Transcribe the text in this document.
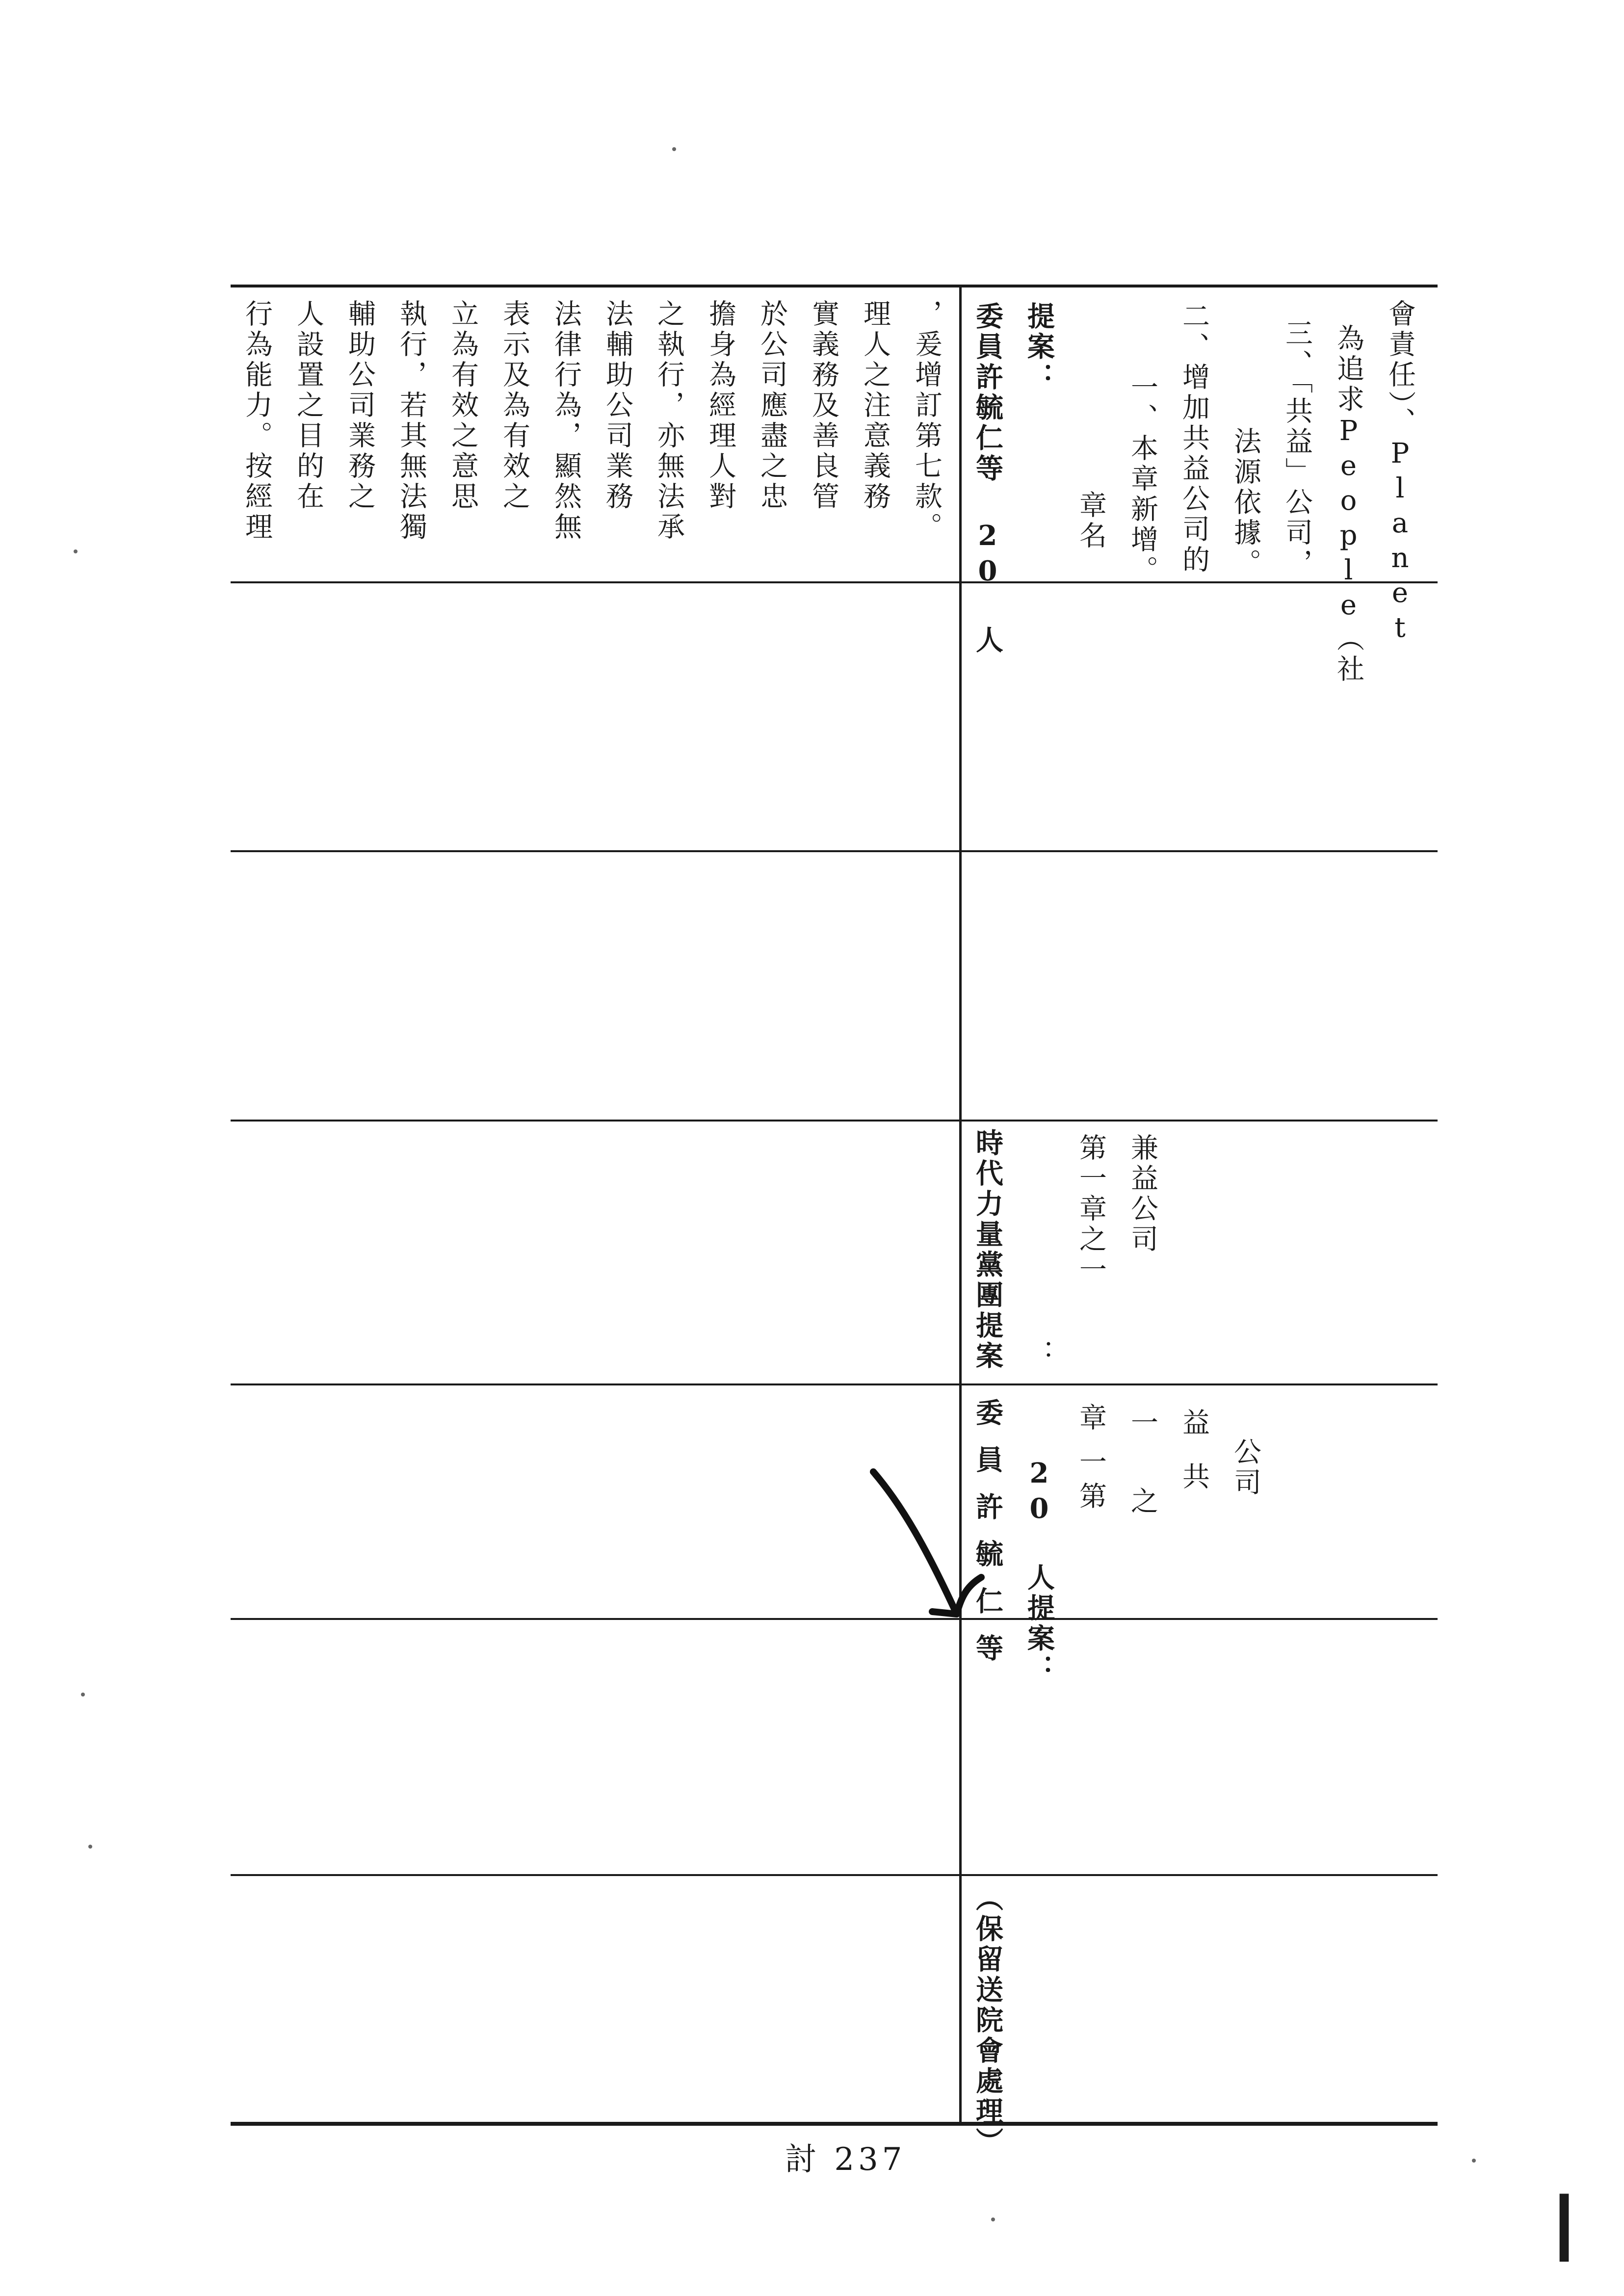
行為能力。按經理 人設置之目的在 輔助公司業務之 執行，若其無法獨 立為有效之意思 表示及為有效之 法律行為，顯然無 法輔助公司業務 之執行，亦無法承 擔身為經理人對 於公司應盡之忠 實義務及善良管 理人之注意義務 ，爰增訂第七款。 委員許毓仁等 20 人 提案：
章名 一、本章新增。 二、增加共益公司的 法源依據。 三、「共益」公司， 為追求People（社 會責任）、Planet
時代力量黨團提案 ：
第一章之一 兼益公司
委員許毓仁等 20 人提案： 第
一
章
之
一
共
益
公司
（保留送院會處理）
討 237
I
